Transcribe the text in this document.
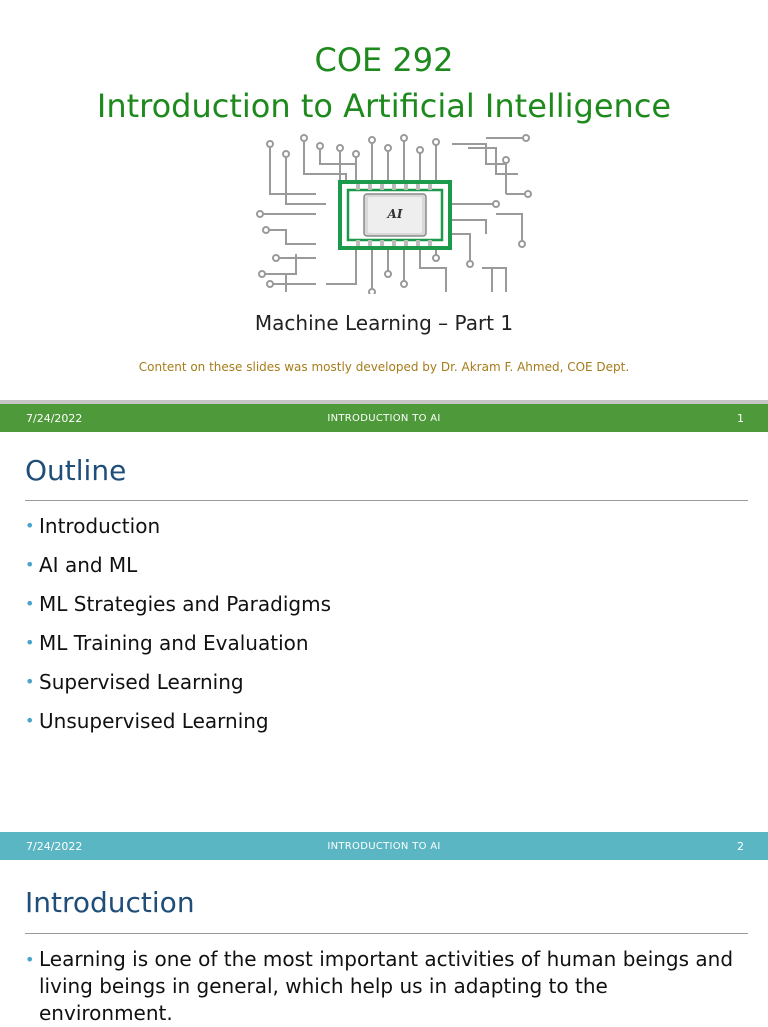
COE 292
Introduction to Artificial Intelligence
AI
Machine Learning – Part 1
Content on these slides was mostly developed by Dr. Akram F. Ahmed, COE Dept.
7/24/2022	INTRODUCTION TO AI	1
Outline
• Introduction
• AI and ML
• ML Strategies and Paradigms
• ML Training and Evaluation
• Supervised Learning
• Unsupervised Learning
7/24/2022	INTRODUCTION TO AI	2
Introduction
• Learning is one of the most important activities of human beings and living beings in general, which help us in adapting to the environment.
